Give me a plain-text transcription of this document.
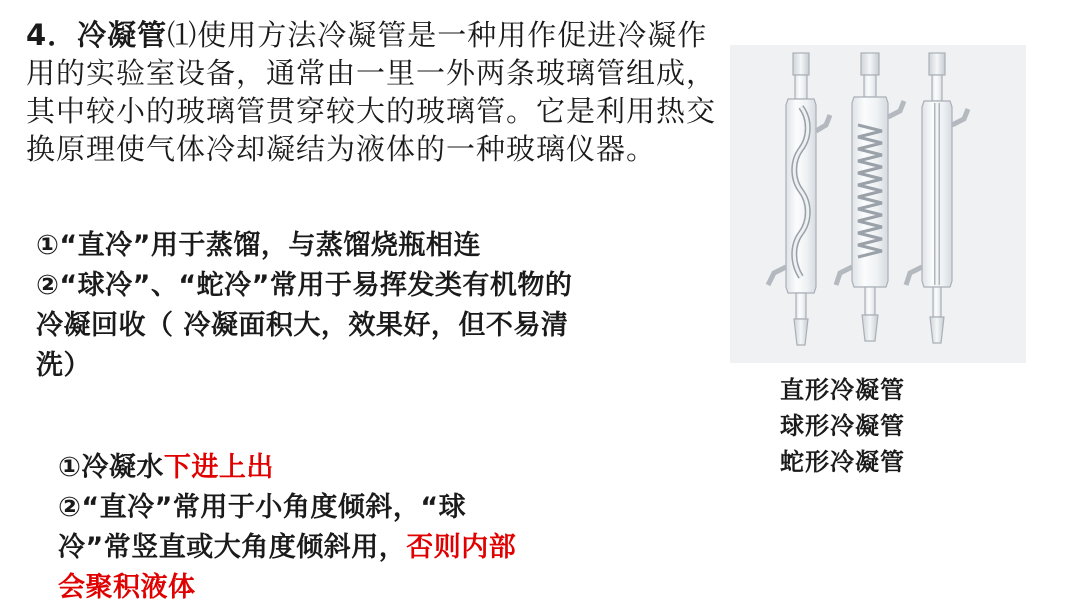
4．冷凝管⑴使用方法冷凝管是一种用作促进冷凝作用的实验室设备，通常由一里一外两条玻璃管组成，其中较小的玻璃管贯穿较大的玻璃管。它是利用热交换原理使气体冷却凝结为液体的一种玻璃仪器。

①“直冷”用于蒸馏，与蒸馏烧瓶相连
②“球冷”、“蛇冷”常用于易挥发类有机物的冷凝回收（ 冷凝面积大，效果好，但不易清洗）
①冷凝水下进上出
②“直冷”常用于小角度倾斜，“球冷”常竖直或大角度倾斜用，否则内部会聚积液体
直形冷凝管
球形冷凝管
蛇形冷凝管
